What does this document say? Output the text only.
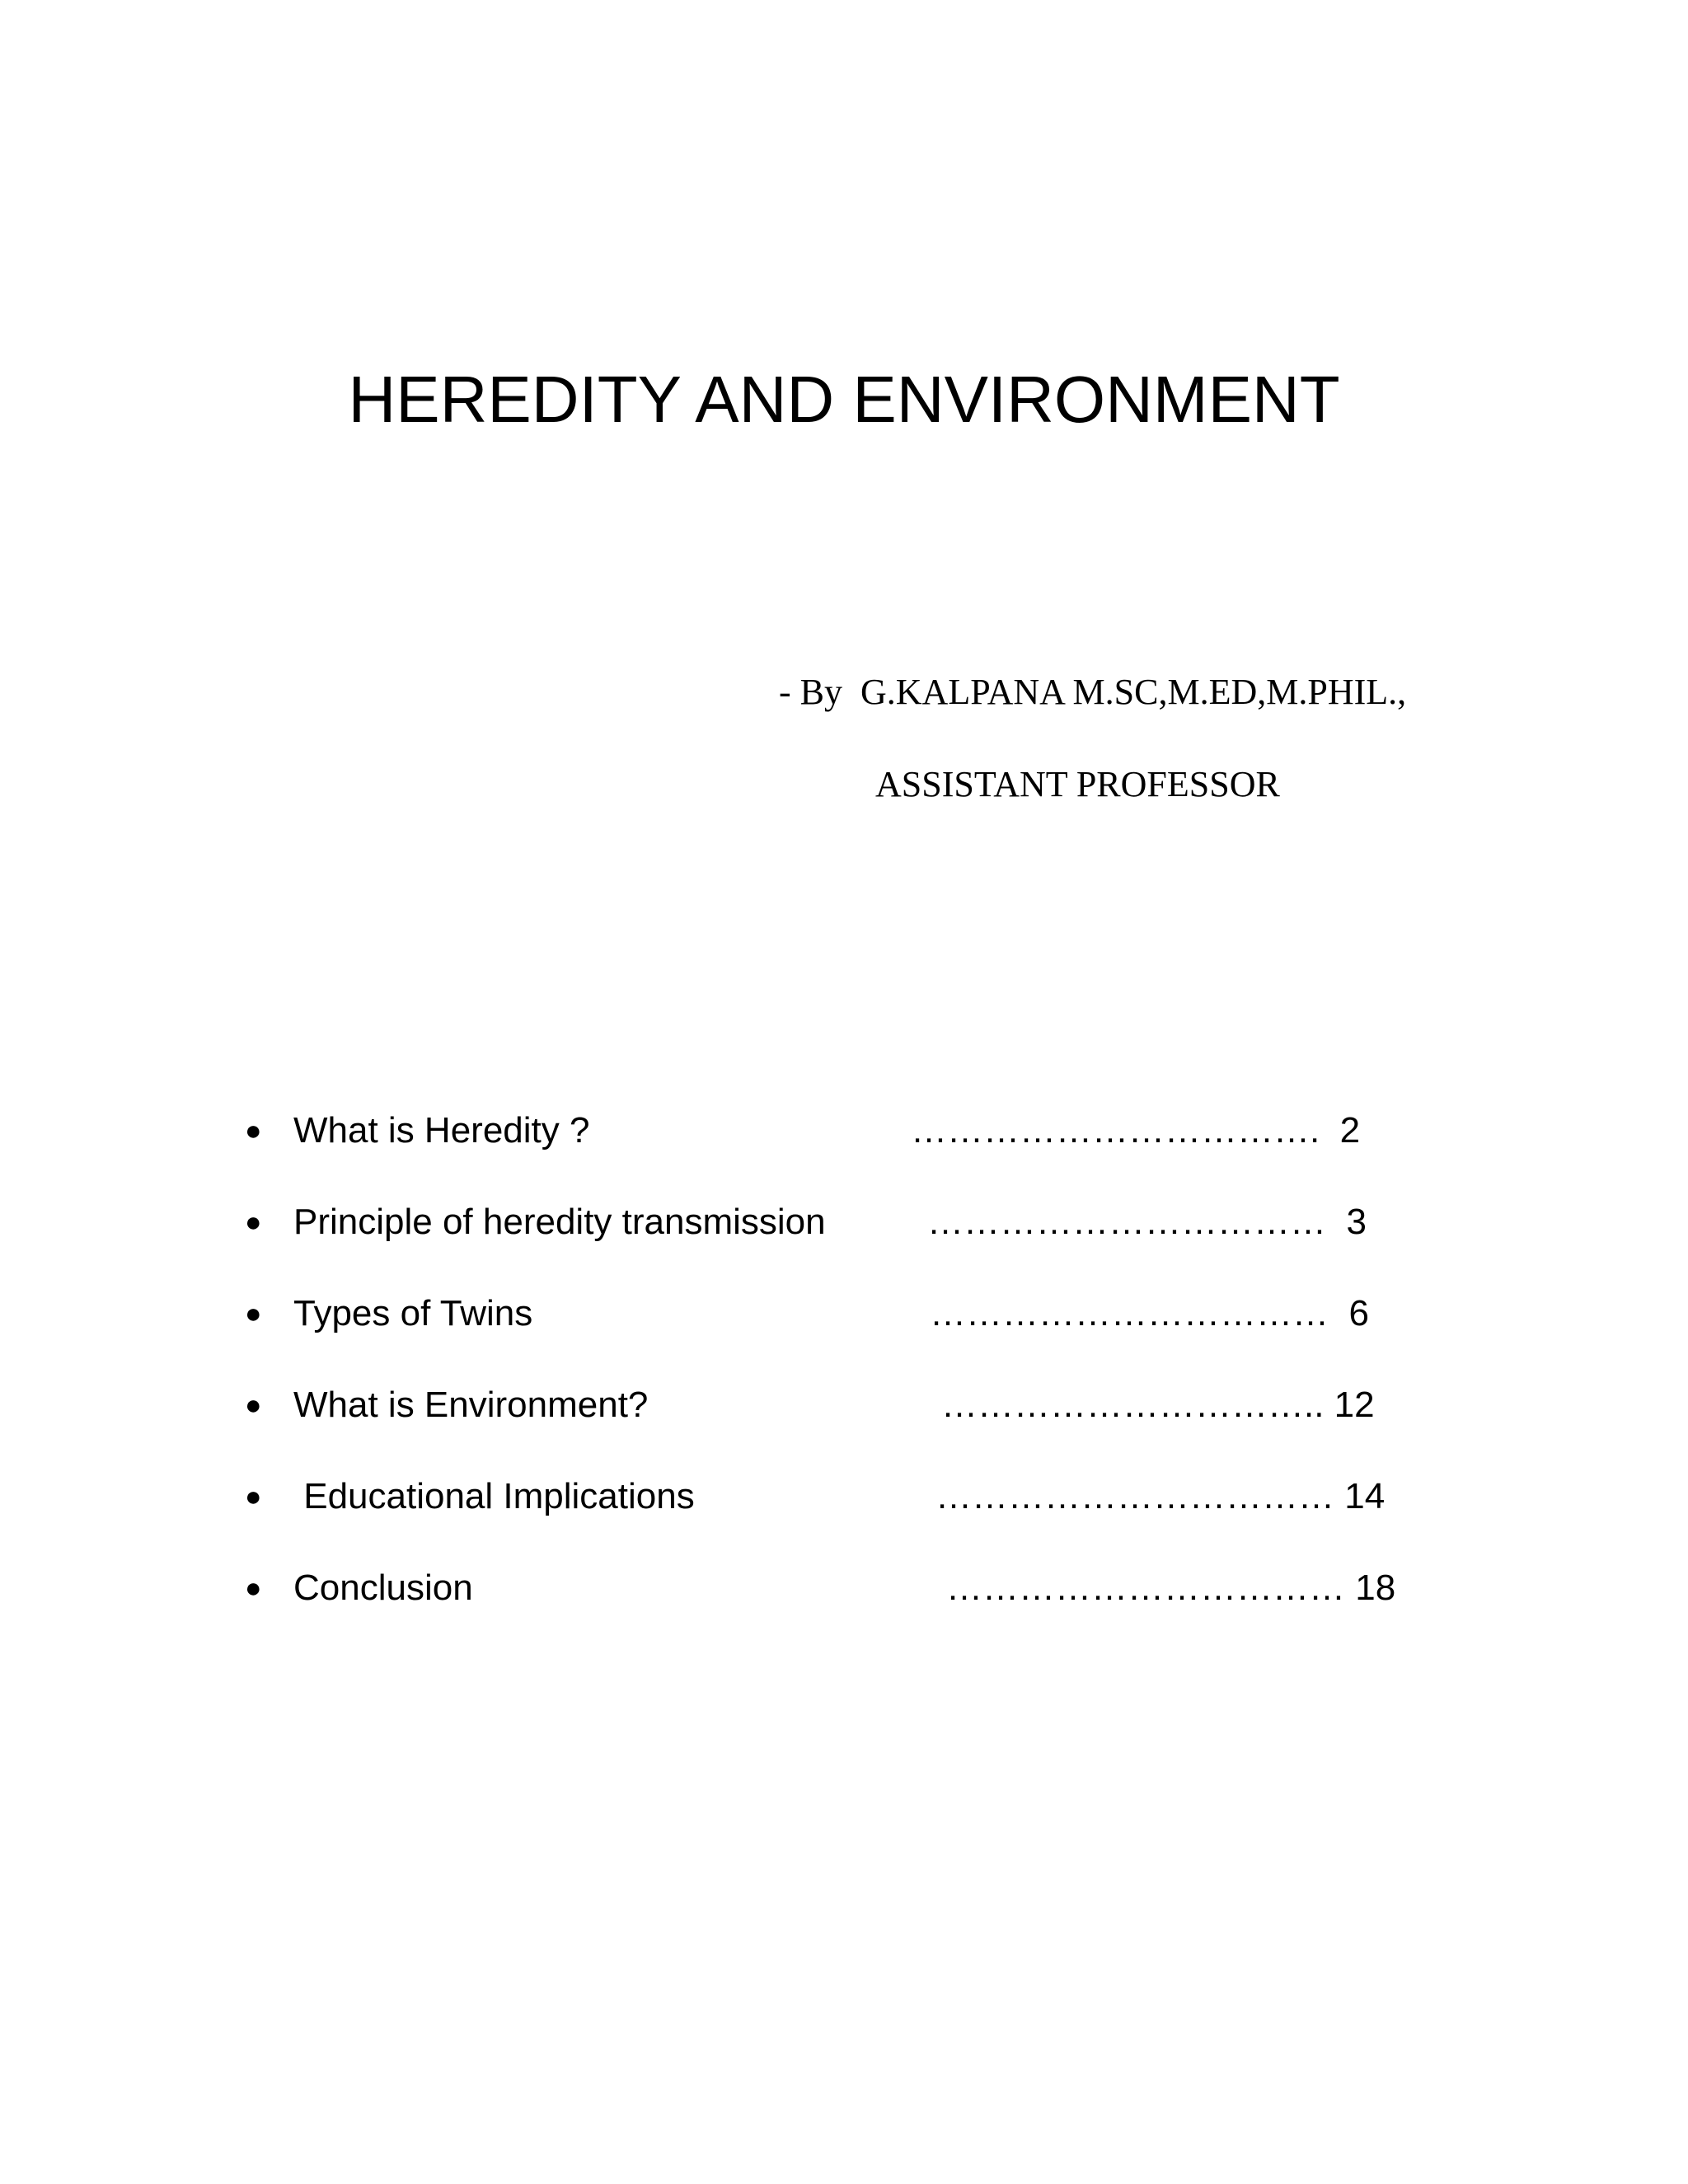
HEREDITY AND ENVIRONMENT
- By  G.KALPANA M.SC,M.ED,M.PHIL.,
ASSISTANT PROFESSOR
● What is Heredity ?	…………………………….  2
● Principle of heredity transmission	……………………………  3
● Types of Twins	……………………………  6
● What is Environment?	………………………….. 12
● Educational Implications	…………………………… 14
● Conclusion	…………………………… 18
